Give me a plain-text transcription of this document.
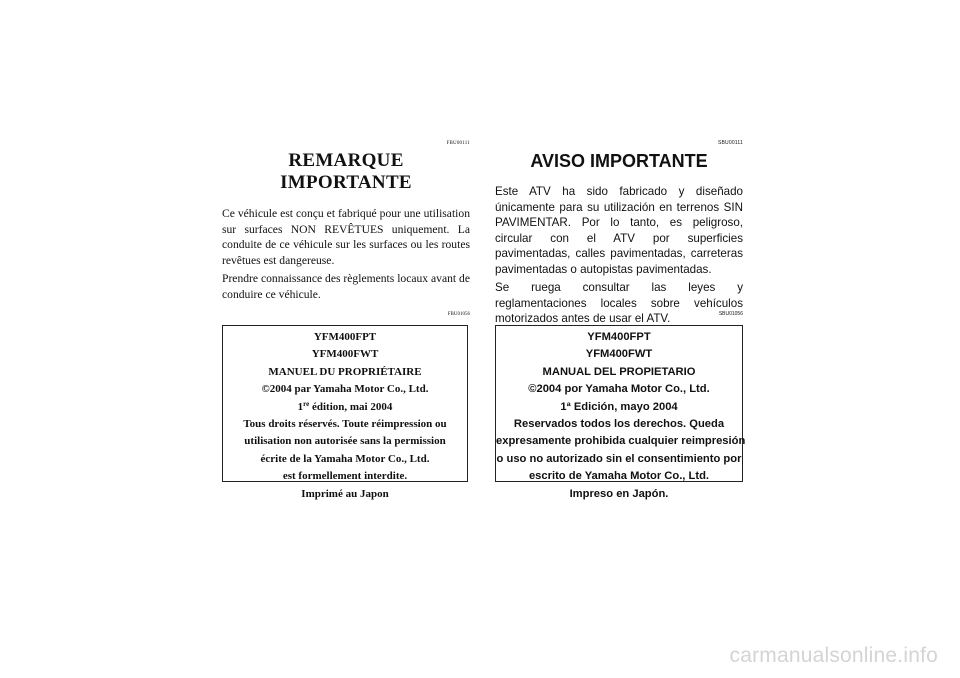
FBU00111
REMARQUE IMPORTANTE

Ce véhicule est conçu et fabriqué pour une utilisation sur surfaces NON REVÊTUES uniquement. La conduite de ce véhicule sur les surfaces ou les routes revêtues est dangereuse.

Prendre connaissance des règlements locaux avant de conduire ce véhicule.

FBU01056
YFM400FPT
YFM400FWT
MANUEL DU PROPRIÉTAIRE
©2004 par Yamaha Motor Co., Ltd.
1re édition, mai 2004
Tous droits réservés. Toute réimpression ou
utilisation non autorisée sans la permission
écrite de la Yamaha Motor Co., Ltd.
est formellement interdite.
Imprimé au Japon
SBU00111
AVISO IMPORTANTE

Este ATV ha sido fabricado y diseñado únicamente para su utilización en terrenos SIN PAVIMENTAR. Por lo tanto, es peligroso, circular con el ATV por superficies pavimentadas, calles pavimentadas, carreteras pavimentadas o autopistas pavimentadas.

Se ruega consultar las leyes y reglamentaciones locales sobre vehículos motorizados antes de usar el ATV.	SBU01056
YFM400FPT
YFM400FWT
MANUAL DEL PROPIETARIO
©2004 por Yamaha Motor Co., Ltd.
1ª Edición, mayo 2004
Reservados todos los derechos. Queda
expresamente prohibida cualquier reimpresión
o uso no autorizado sin el consentimiento por
escrito de Yamaha Motor Co., Ltd.
Impreso en Japón.
carmanualsonline.info
